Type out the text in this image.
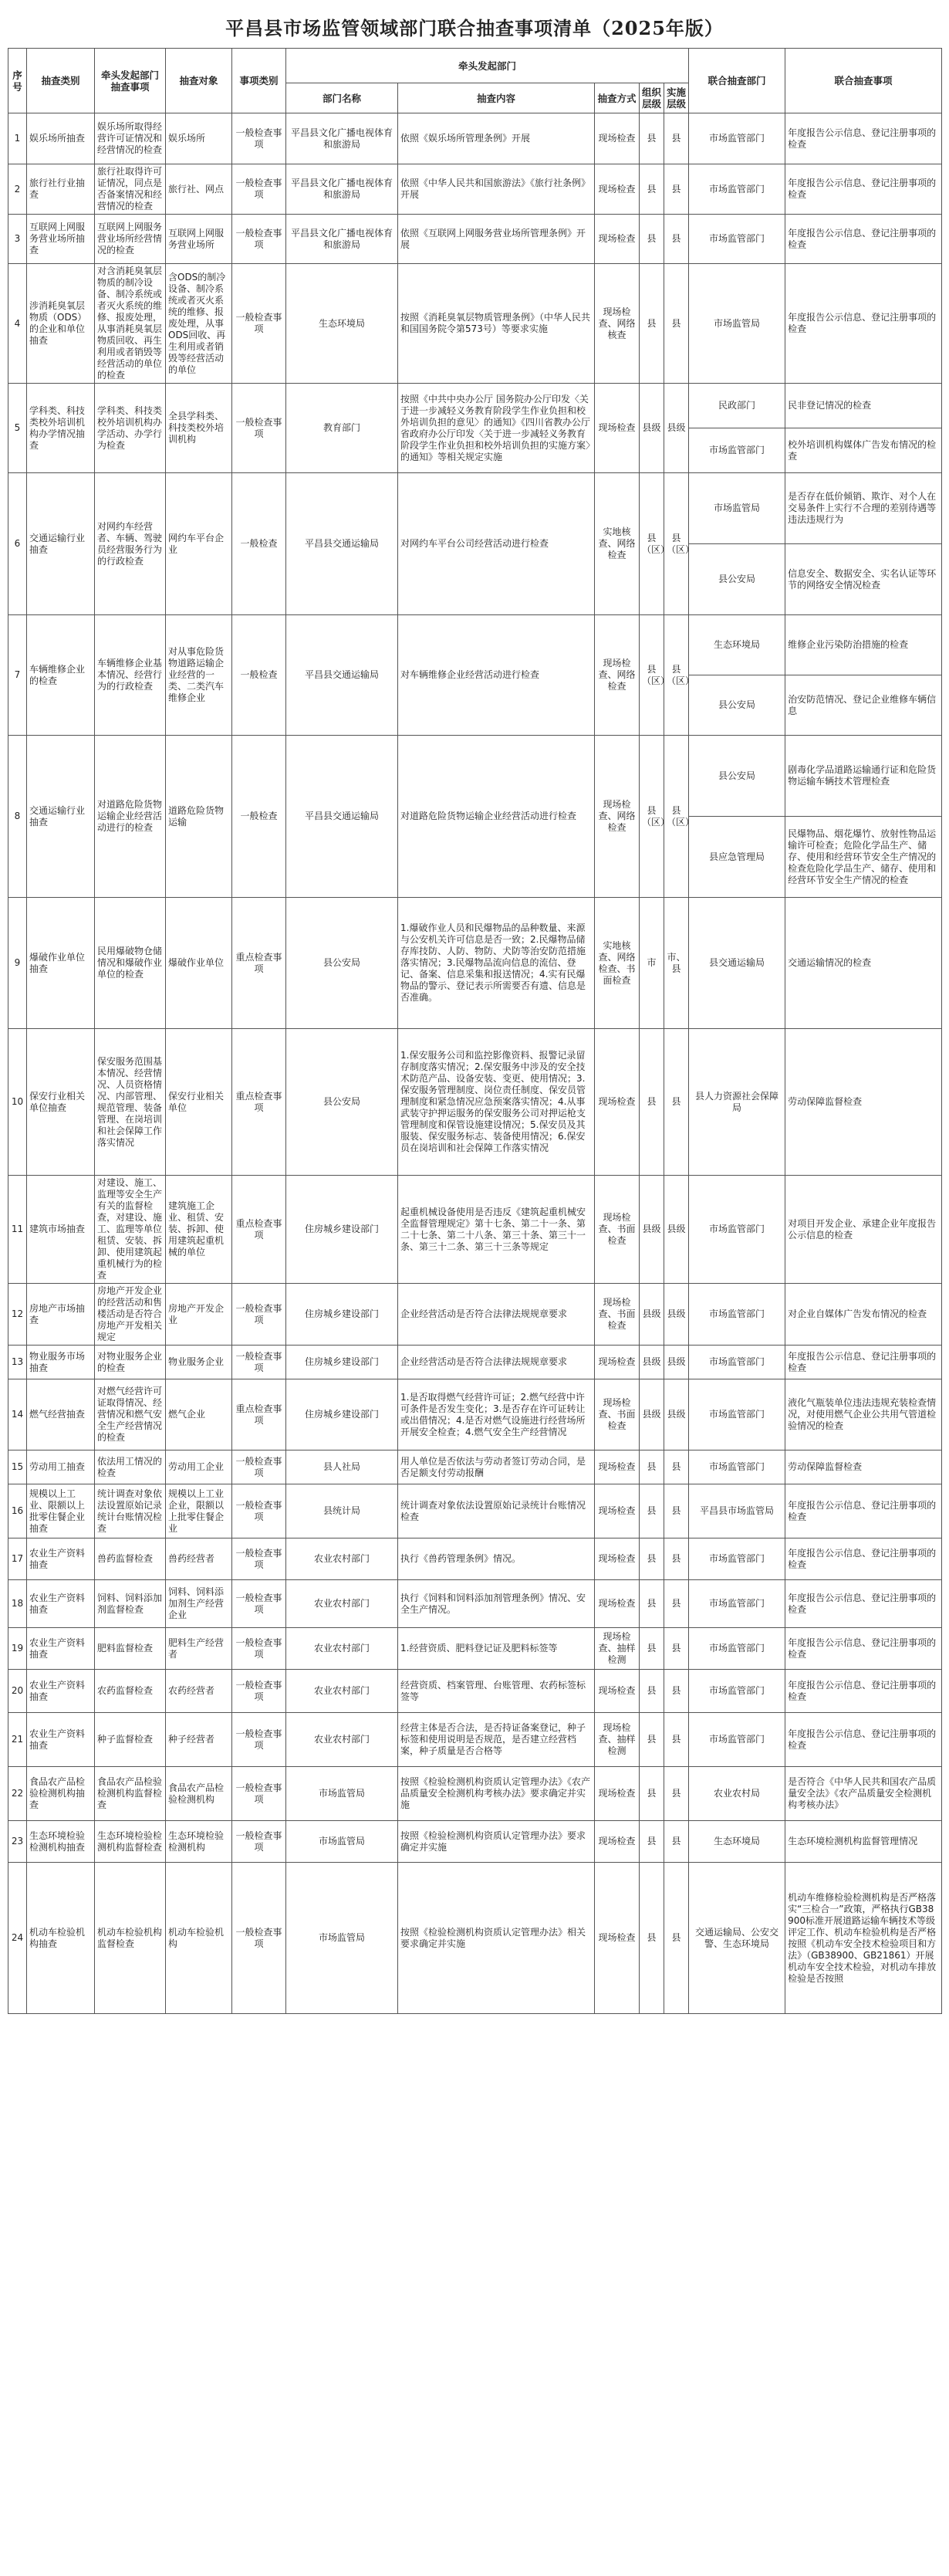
平昌县市场监管领域部门联合抽查事项清单（2025年版）
序号	抽查类别	牵头发起部门抽查事项	抽查对象	事项类别	牵头发起部门					联合抽查部门	联合抽查事项
					部门名称	抽查内容	抽查方式	组织层级	实施层级		
1	娱乐场所抽查	娱乐场所取得经营许可证情况和经营情况的检查	娱乐场所	一般检查事项	平昌县文化广播电视体育和旅游局	依照《娱乐场所管理条例》开展	现场检查	县	县	市场监管部门	年度报告公示信息、登记注册事项的检查
2	旅行社行业抽查	旅行社取得许可证情况，同点是否备案情况和经营情况的检查	旅行社、网点	一般检查事项	平昌县文化广播电视体育和旅游局	依照《中华人民共和国旅游法》《旅行社条例》开展	现场检查	县	县	市场监管部门	年度报告公示信息、登记注册事项的检查
3	互联网上网服务营业场所抽查	互联网上网服务营业场所经营情况的检查	互联网上网服务营业场所	一般检查事项	平昌县文化广播电视体育和旅游局	依照《互联网上网服务营业场所管理条例》开展	现场检查	县	县	市场监管部门	年度报告公示信息、登记注册事项的检查
4	涉消耗臭氧层物质（ODS）的企业和单位抽查	对含消耗臭氧层物质的制冷设备、制冷系统或者灭火系统的维修、报废处理，从事消耗臭氧层物质回收、再生利用或者销毁等经营活动的单位的检查	含ODS的制冷设备、制冷系统或者灭火系统的维修、报废处理，从事ODS回收、再生利用或者销毁等经营活动的单位	一般检查事项	生态环境局	按照《消耗臭氧层物质管理条例》（中华人民共和国国务院令第573号）等要求实施	现场检查、网络核查	县	县	市场监管局	年度报告公示信息、登记注册事项的检查
5	学科类、科技类校外培训机构办学情况抽查	学科类、科技类校外培训机构办学活动、办学行为检查	全县学科类、科技类校外培训机构	一般检查事项	教育部门	按照《中共中央办公厅 国务院办公厅印发〈关于进一步减轻义务教育阶段学生作业负担和校外培训负担的意见〉的通知》《四川省教办公厅 省政府办公厅印发〈关于进一步减轻义务教育阶段学生作业负担和校外培训负担的实施方案〉的通知》等相关规定实施	现场检查	县级	县级	民政部门	民非登记情况的检查
										市场监管部门	校外培训机构媒体广告发布情况的检查
6	交通运输行业抽查	对网约车经营者、车辆、驾驶员经营服务行为的行政检查	网约车平台企业	一般检查	平昌县交通运输局	对网约车平台公司经营活动进行检查	实地核查、网络检查	县（区）	县（区）	市场监管局	是否存在低价倾销、欺诈、对个人在交易条件上实行不合理的差别待遇等违法违规行为
										县公安局	信息安全、数据安全、实名认证等环节的网络安全情况检查
7	车辆维修企业的检查	车辆维修企业基本情况、经营行为的行政检查	对从事危险货物道路运输企业经营的一类、二类汽车维修企业	一般检查	平昌县交通运输局	对车辆维修企业经营活动进行检查	现场检查、网络检查	县（区）	县（区）	生态环境局	维修企业污染防治措施的检查
										县公安局	治安防范情况、登记企业维修车辆信息
8	交通运输行业抽查	对道路危险货物运输企业经营活动进行的检查	道路危险货物运输	一般检查	平昌县交通运输局	对道路危险货物运输企业经营活动进行检查	现场检查、网络检查	县（区）	县（区）	县公安局	剧毒化学品道路运输通行证和危险货物运输车辆技术管理检查
										县应急管理局	民爆物品、烟花爆竹、放射性物品运输许可检查；危险化学品生产、储存、使用和经营环节安全生产情况的检查危险化学品生产、储存、使用和经营环节安全生产情况的检查
9	爆破作业单位抽查	民用爆破物仓储情况和爆破作业单位的检查	爆破作业单位	重点检查事项	县公安局	1.爆破作业人员和民爆物品的品种数量、来源与公安机关许可信息是否一致；2.民爆物品储存库技防、人防、物防、犬防等治安防范措施落实情况；3.民爆物品流向信息的流信、登记、备案、信息采集和报送情况；4.实有民爆物品的警示、登记表示所需要否有遗、信息是否准确。	实地核查、网络检查、书面检查	市	市、县	县交通运输局	交通运输情况的检查
10	保安行业相关单位抽查	保安服务范围基本情况、经营情况、人员资格情况、内部管理、规范管理、装备管理、在岗培训和社会保障工作落实情况	保安行业相关单位	重点检查事项	县公安局	1.保安服务公司和监控影像资料、报警记录留存制度落实情况；2.保安服务中涉及的安全技术防范产品、设备安装、变更、使用情况；3.保安服务管理制度、岗位责任制度、保安员管理制度和紧急情况应急预案落实情况；4.从事武装守护押运服务的保安服务公司对押运枪支管理制度和保管设施建设情况；5.保安员及其服装、保安服务标志、装备使用情况；6.保安员在岗培训和社会保障工作落实情况	现场检查	县	县	县人力资源社会保障局	劳动保障监督检查
11	建筑市场抽查	对建设、施工、监理等安全生产有关的监督检查，对建设、施工、监理等单位租赁、安装、拆卸、使用建筑起重机械行为的检查	建筑施工企业、租赁、安装、拆卸、使用建筑起重机械的单位	重点检查事项	住房城乡建设部门	起重机械设备使用是否违反《建筑起重机械安全监督管理规定》第十七条、第二十一条、第二十七条、第二十八条、第三十条、第三十一条、第三十二条、第三十三条等规定	现场检查、书面检查	县级	县级	市场监管部门	对项目开发企业、承建企业年度报告公示信息的检查
12	房地产市场抽查	房地产开发企业的经营活动和售楼活动是否符合房地产开发相关规定	房地产开发企业	一般检查事项	住房城乡建设部门	企业经营活动是否符合法律法规规章要求	现场检查、书面检查	县级	县级	市场监管部门	对企业自媒体广告发布情况的检查
13	物业服务市场抽查	对物业服务企业的检查	物业服务企业	一般检查事项	住房城乡建设部门	企业经营活动是否符合法律法规规章要求	现场检查	县级	县级	市场监管部门	年度报告公示信息、登记注册事项的检查
14	燃气经营抽查	对燃气经营许可证取得情况、经营情况和燃气安全生产经营情况的检查	燃气企业	重点检查事项	住房城乡建设部门	1.是否取得燃气经营许可证；2.燃气经营中许可条件是否发生变化；3.是否存在许可证转让或出借情况；4.是否对燃气设施进行经营场所开展安全检查；4.燃气安全生产经营情况	现场检查、书面检查	县级	县级	市场监管部门	液化气瓶装单位违法违规充装检查情况，对使用燃气企业公共用气管道检验情况的检查
15	劳动用工抽查	依法用工情况的检查	劳动用工企业	一般检查事项	县人社局	用人单位是否依法与劳动者签订劳动合同，是否足额支付劳动报酬	现场检查	县	县	市场监管部门	劳动保障监督检查
16	规模以上工业、限额以上批零住餐企业抽查	统计调查对象依法设置原始记录统计台账情况检查	规模以上工业企业，限额以上批零住餐企业	一般检查事项	县统计局	统计调查对象依法设置原始记录统计台账情况检查	现场检查	县	县	平昌县市场监管局	年度报告公示信息、登记注册事项的检查
17	农业生产资料抽查	兽药监督检查	兽药经营者	一般检查事项	农业农村部门	执行《兽药管理条例》情况。	现场检查	县	县	市场监管部门	年度报告公示信息、登记注册事项的检查
18	农业生产资料抽查	饲料、饲料添加剂监督检查	饲料、饲料添加剂生产经营企业	一般检查事项	农业农村部门	执行《饲料和饲料添加剂管理条例》情况、安全生产情况。	现场检查	县	县	市场监管部门	年度报告公示信息、登记注册事项的检查
19	农业生产资料抽查	肥料监督检查	肥料生产经营者	一般检查事项	农业农村部门	1.经营资质、肥料登记证及肥料标签等	现场检查、抽样检测	县	县	市场监管部门	年度报告公示信息、登记注册事项的检查
20	农业生产资料抽查	农药监督检查	农药经营者	一般检查事项	农业农村部门	经营资质、档案管理、台账管理、农药标签标签等	现场检查	县	县	市场监管部门	年度报告公示信息、登记注册事项的检查
21	农业生产资料抽查	种子监督检查	种子经营者	一般检查事项	农业农村部门	经营主体是否合法，是否持证备案登记，种子标签和使用说明是否规范，是否建立经营档案，种子质量是否合格等	现场检查、抽样检测	县	县	市场监管部门	年度报告公示信息、登记注册事项的检查
22	食品农产品检验检测机构抽查	食品农产品检验检测机构监督检查	食品农产品检验检测机构	一般检查事项	市场监管局	按照《检验检测机构资质认定管理办法》《农产品质量安全检测机构考核办法》要求确定并实施	现场检查	县	县	农业农村局	是否符合《中华人民共和国农产品质量安全法》《农产品质量安全检测机构考核办法》
23	生态环境检验检测机构抽查	生态环境检验检测机构监督检查	生态环境检验检测机构	一般检查事项	市场监管局	按照《检验检测机构资质认定管理办法》要求确定并实施	现场检查	县	县	生态环境局	生态环境检测机构监督管理情况
24	机动车检验机构抽查	机动车检验机构监督检查	机动车检验机构	一般检查事项	市场监管局	按照《检验检测机构资质认定管理办法》相关要求确定并实施	现场检查	县	县	交通运输局、公安交警、生态环境局	机动车维修检验检测机构是否严格落实“三检合一”政策，严格执行GB38900标准开展道路运输车辆技术等级评定工作、机动车检验机构是否严格按照《机动车安全技术检验项目和方法》（GB38900、GB21861）开展机动车安全技术检验，对机动车排放检验是否按照
